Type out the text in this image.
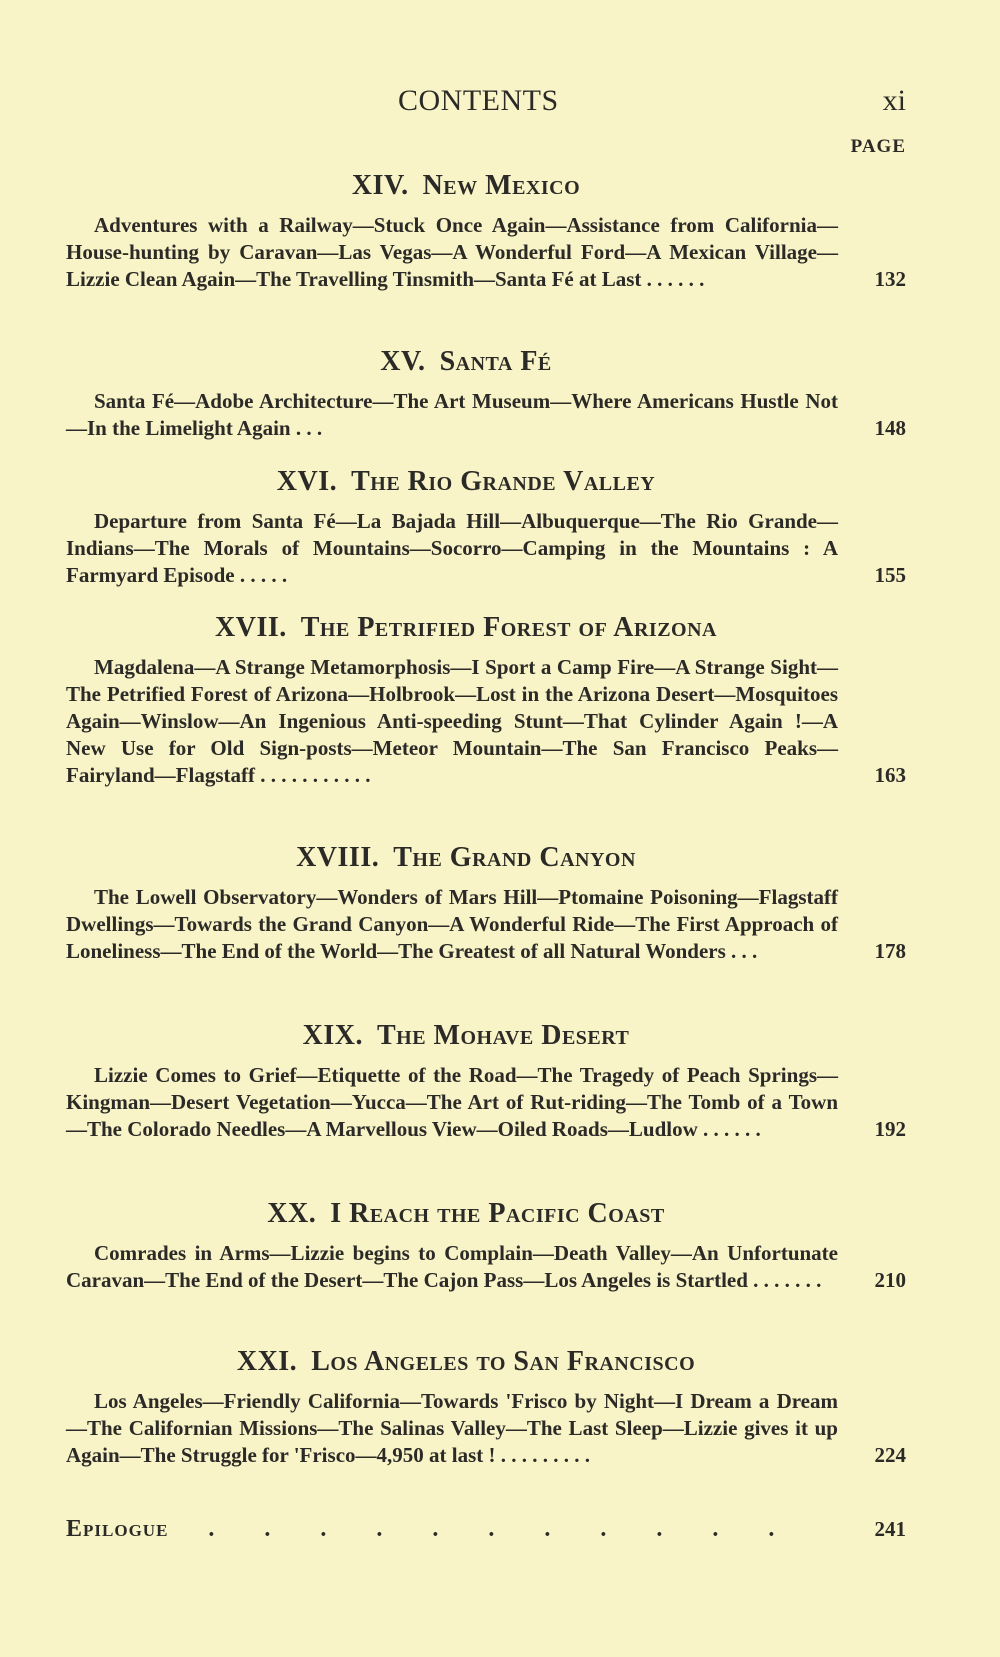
CONTENTS	xi
PAGE
XIV. New Mexico

Adventures with a Railway—Stuck Once Again—Assistance from California—House-hunting by Caravan—Las Vegas—A Wonderful Ford—A Mexican Village—Lizzie Clean Again—The Travelling Tinsmith—Santa Fé at Last . . . . . .	132
XV. Santa Fé

Santa Fé—Adobe Architecture—The Art Museum—Where Americans Hustle Not—In the Limelight Again . . .	148
XVI. The Rio Grande Valley

Departure from Santa Fé—La Bajada Hill—Albuquerque—The Rio Grande—Indians—The Morals of Mountains—Socorro—Camping in the Mountains : A Farmyard Episode . . . . .	155
XVII. The Petrified Forest of Arizona

Magdalena—A Strange Metamorphosis—I Sport a Camp Fire—A Strange Sight—The Petrified Forest of Arizona—Holbrook—Lost in the Arizona Desert—Mosquitoes Again—Winslow—An Ingenious Anti-speeding Stunt—That Cylinder Again !—A New Use for Old Sign-posts—Meteor Mountain—The San Francisco Peaks—Fairyland—Flagstaff . . . . . . . . . . .	163
XVIII. The Grand Canyon

The Lowell Observatory—Wonders of Mars Hill—Ptomaine Poisoning—Flagstaff Dwellings—Towards the Grand Canyon—A Wonderful Ride—The First Approach of Loneliness—The End of the World—The Greatest of all Natural Wonders . . .	178
XIX. The Mohave Desert

Lizzie Comes to Grief—Etiquette of the Road—The Tragedy of Peach Springs—Kingman—Desert Vegetation—Yucca—The Art of Rut-riding—The Tomb of a Town—The Colorado Needles—A Marvellous View—Oiled Roads—Ludlow . . . . . .	192
XX. I Reach the Pacific Coast

Comrades in Arms—Lizzie begins to Complain—Death Valley—An Unfortunate Caravan—The End of the Desert—The Cajon Pass—Los Angeles is Startled . . . . . . .	210
XXI. Los Angeles to San Francisco

Los Angeles—Friendly California—Towards 'Frisco by Night—I Dream a Dream—The Californian Missions—The Salinas Valley—The Last Sleep—Lizzie gives it up Again—The Struggle for 'Frisco—4,950 at last ! . . . . . . . . .	224
Epilogue	. . . . . . . . . . .	241
